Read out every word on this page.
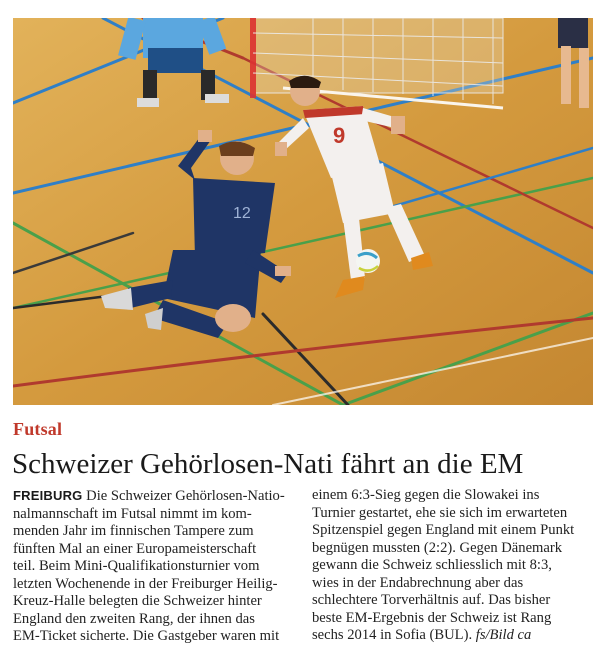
12
9
Futsal
Schweizer Gehörlosen-Nati fährt an die EM
FREIBURG Die Schweizer Gehörlosen-Natio-
nalmannschaft im Futsal nimmt im kom-
menden Jahr im finnischen Tampere zum
fünften Mal an einer Europameisterschaft
teil. Beim Mini-Qualifikationsturnier vom
letzten Wochenende in der Freiburger Heilig-
Kreuz-Halle belegten die Schweizer hinter
England den zweiten Rang, der ihnen das
EM-Ticket sicherte. Die Gastgeber waren mit
einem 6:3-Sieg gegen die Slowakei ins
Turnier gestartet, ehe sie sich im erwarteten
Spitzenspiel gegen England mit einem Punkt
begnügen mussten (2:2). Gegen Dänemark
gewann die Schweiz schliesslich mit 8:3,
wies in der Endabrechnung aber das
schlechtere Torverhältnis auf. Das bisher
beste EM-Ergebnis der Schweiz ist Rang
sechs 2014 in Sofia (BUL). fs/Bild ca
